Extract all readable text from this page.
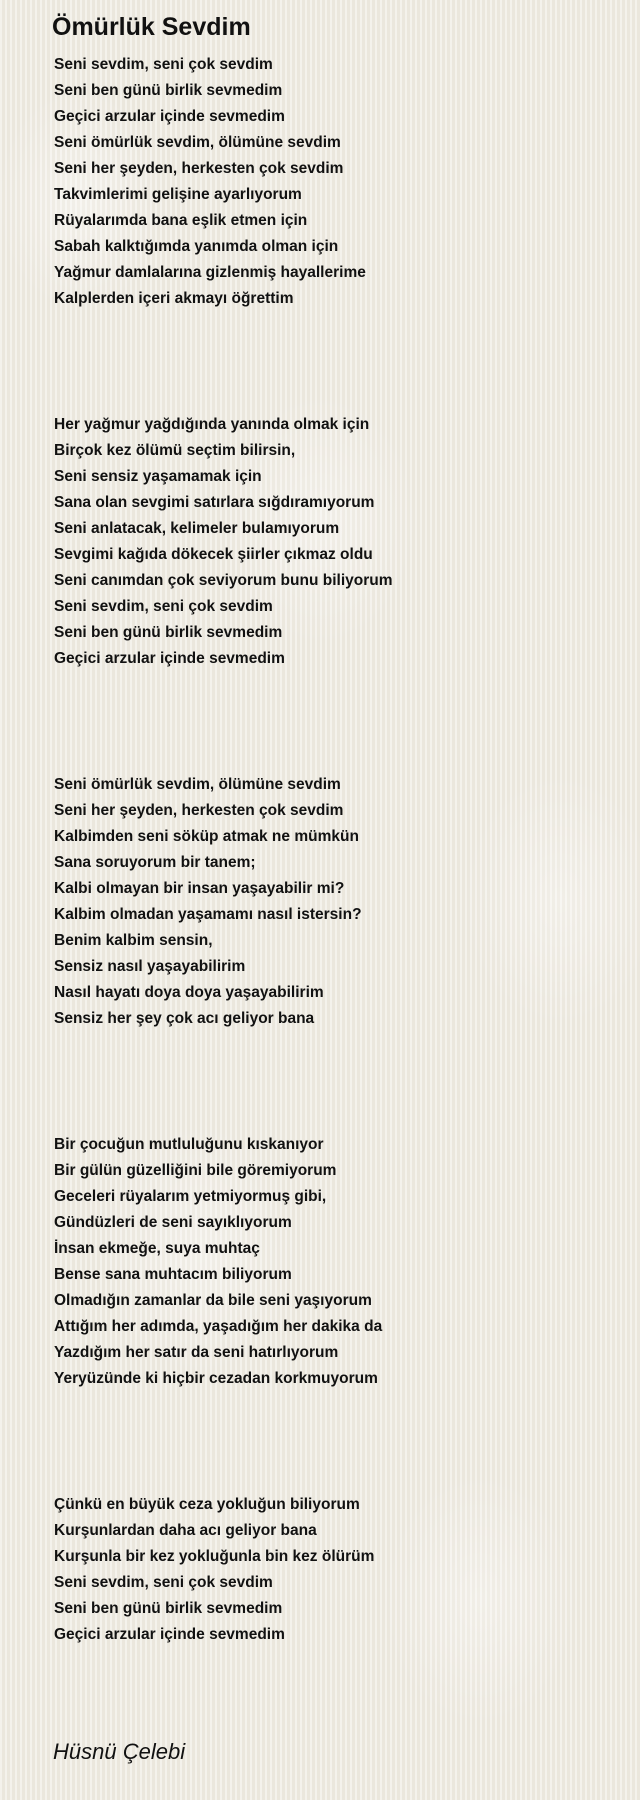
Ömürlük Sevdim
Seni sevdim, seni çok sevdim
Seni ben günü birlik sevmedim
Geçici arzular içinde sevmedim
Seni ömürlük sevdim, ölümüne sevdim
Seni her şeyden, herkesten çok sevdim
Takvimlerimi gelişine ayarlıyorum
Rüyalarımda bana eşlik etmen için
Sabah kalktığımda yanımda olman için
Yağmur damlalarına gizlenmiş hayallerime
Kalplerden içeri akmayı öğrettim
Her yağmur yağdığında yanında olmak için
Birçok kez ölümü seçtim bilirsin,
Seni sensiz yaşamamak için
Sana olan sevgimi satırlara sığdıramıyorum
Seni anlatacak, kelimeler bulamıyorum
Sevgimi kağıda dökecek şiirler çıkmaz oldu
Seni canımdan çok seviyorum bunu biliyorum
Seni sevdim, seni çok sevdim
Seni ben günü birlik sevmedim
Geçici arzular içinde sevmedim
Seni ömürlük sevdim, ölümüne sevdim
Seni her şeyden, herkesten çok sevdim
Kalbimden seni söküp atmak ne mümkün
Sana soruyorum bir tanem;
Kalbi olmayan bir insan yaşayabilir mi?
Kalbim olmadan yaşamamı nasıl istersin?
Benim kalbim sensin,
Sensiz nasıl yaşayabilirim
Nasıl hayatı doya doya yaşayabilirim
Sensiz her şey çok acı geliyor bana
Bir çocuğun mutluluğunu kıskanıyor
Bir gülün güzelliğini bile göremiyorum
Geceleri rüyalarım yetmiyormuş gibi,
Gündüzleri de seni sayıklıyorum
İnsan ekmeğe, suya muhtaç
Bense sana muhtacım biliyorum
Olmadığın zamanlar da bile seni yaşıyorum
Attığım her adımda, yaşadığım her dakika da
Yazdığım her satır da seni hatırlıyorum
Yeryüzünde ki hiçbir cezadan korkmuyorum
Çünkü en büyük ceza yokluğun biliyorum
Kurşunlardan daha acı geliyor bana
Kurşunla bir kez yokluğunla bin kez ölürüm
Seni sevdim, seni çok sevdim
Seni ben günü birlik sevmedim
Geçici arzular içinde sevmedim
Hüsnü Çelebi
